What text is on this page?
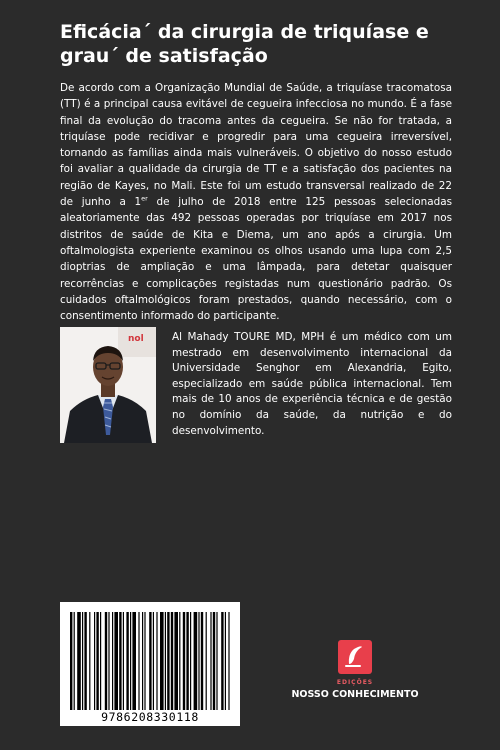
Eficácia´ da cirurgia de triquíase e grau´ de satisfação

De acordo com a Organização Mundial de Saúde, a triquíase tracomatosa (TT) é a principal causa evitável de cegueira infecciosa no mundo. É a fase final da evolução do tracoma antes da cegueira. Se não for tratada, a triquíase pode recidivar e progredir para uma cegueira irreversível, tornando as famílias ainda mais vulneráveis. O objetivo do nosso estudo foi avaliar a qualidade da cirurgia de TT e a satisfação dos pacientes na região de Kayes, no Mali. Este foi um estudo transversal realizado de 22 de junho a 1er de julho de 2018 entre 125 pessoas selecionadas aleatoriamente das 492 pessoas operadas por triquíase em 2017 nos distritos de saúde de Kita e Diema, um ano após a cirurgia. Um oftalmologista experiente examinou os olhos usando uma lupa com 2,5 dioptrias de ampliação e uma lâmpada, para detetar quaisquer recorrências e complicações registadas num questionário padrão. Os cuidados oftalmológicos foram prestados, quando necessário, com o consentimento informado do participante.

nol	Al Mahady TOURE MD, MPH é um médico com um mestrado em desenvolvimento internacional da Universidade Senghor em Alexandria, Egito, especializado em saúde pública internacional. Tem mais de 10 anos de experiência técnica e de gestão no domínio da saúde, da nutrição e do desenvolvimento.

9786208330118
EDIÇÕES
NOSSO CONHECIMENTO
